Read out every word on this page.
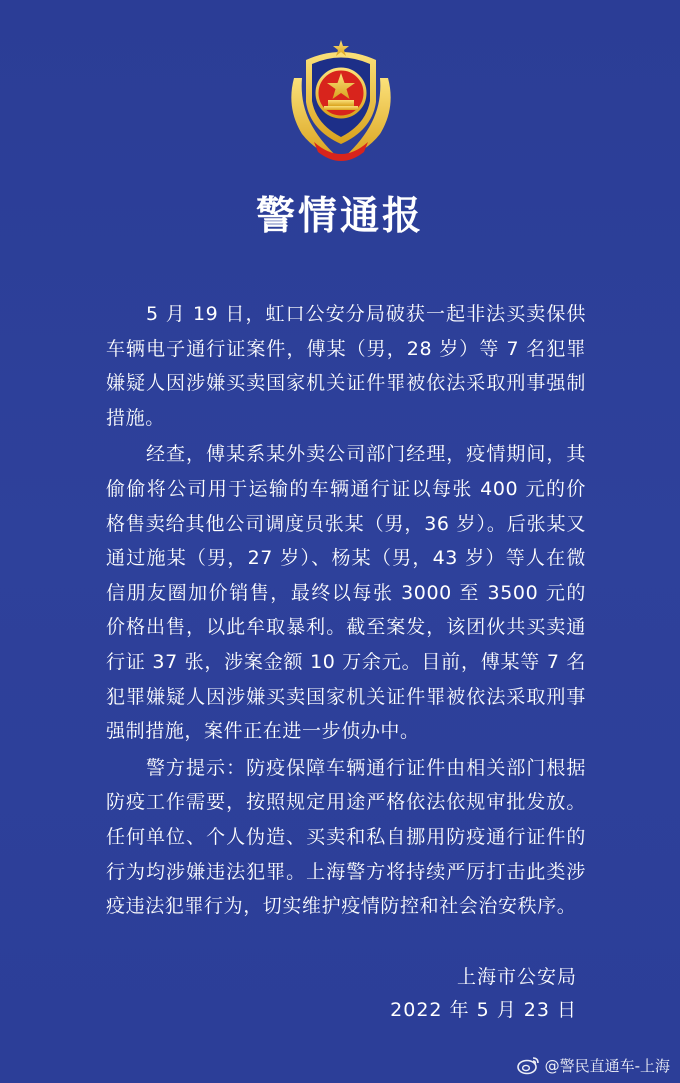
警情通报

5 月 19 日，虹口公安分局破获一起非法买卖保供车辆电子通行证案件，傅某（男，28 岁）等 7 名犯罪嫌疑人因涉嫌买卖国家机关证件罪被依法采取刑事强制措施。

经查，傅某系某外卖公司部门经理，疫情期间，其偷偷将公司用于运输的车辆通行证以每张 400 元的价格售卖给其他公司调度员张某（男，36 岁）。后张某又通过施某（男，27 岁）、杨某（男，43 岁）等人在微信朋友圈加价销售，最终以每张 3000 至 3500 元的价格出售，以此牟取暴利。截至案发，该团伙共买卖通行证 37 张，涉案金额 10 万余元。目前，傅某等 7 名犯罪嫌疑人因涉嫌买卖国家机关证件罪被依法采取刑事强制措施，案件正在进一步侦办中。

警方提示：防疫保障车辆通行证件由相关部门根据防疫工作需要，按照规定用途严格依法依规审批发放。任何单位、个人伪造、买卖和私自挪用防疫通行证件的行为均涉嫌违法犯罪。上海警方将持续严厉打击此类涉疫违法犯罪行为，切实维护疫情防控和社会治安秩序。

上海市公安局
2022 年 5 月 23 日
@警民直通车-上海
